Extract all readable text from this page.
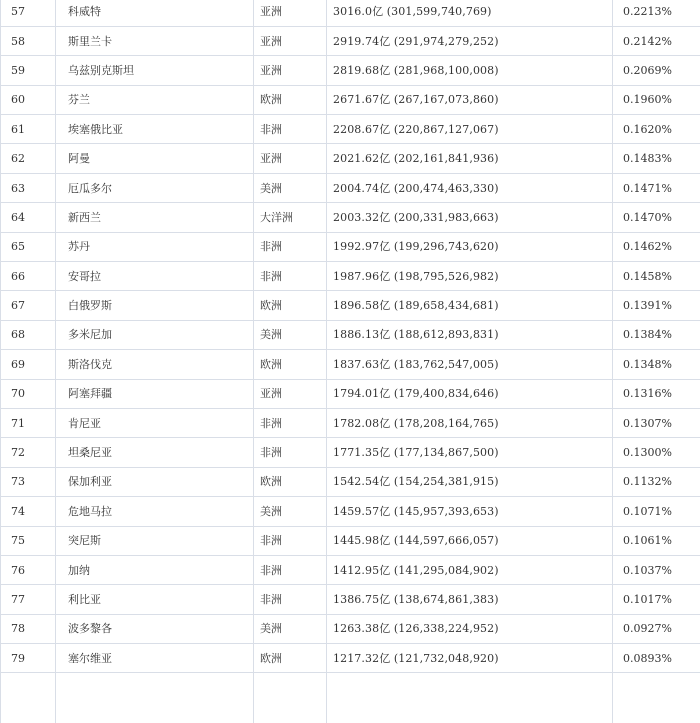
57	科威特	亚洲	3016.0亿 (301,599,740,769)	0.2213%
58	斯里兰卡	亚洲	2919.74亿 (291,974,279,252)	0.2142%
59	乌兹别克斯坦	亚洲	2819.68亿 (281,968,100,008)	0.2069%
60	芬兰	欧洲	2671.67亿 (267,167,073,860)	0.1960%
61	埃塞俄比亚	非洲	2208.67亿 (220,867,127,067)	0.1620%
62	阿曼	亚洲	2021.62亿 (202,161,841,936)	0.1483%
63	厄瓜多尔	美洲	2004.74亿 (200,474,463,330)	0.1471%
64	新西兰	大洋洲	2003.32亿 (200,331,983,663)	0.1470%
65	苏丹	非洲	1992.97亿 (199,296,743,620)	0.1462%
66	安哥拉	非洲	1987.96亿 (198,795,526,982)	0.1458%
67	白俄罗斯	欧洲	1896.58亿 (189,658,434,681)	0.1391%
68	多米尼加	美洲	1886.13亿 (188,612,893,831)	0.1384%
69	斯洛伐克	欧洲	1837.63亿 (183,762,547,005)	0.1348%
70	阿塞拜疆	亚洲	1794.01亿 (179,400,834,646)	0.1316%
71	肯尼亚	非洲	1782.08亿 (178,208,164,765)	0.1307%
72	坦桑尼亚	非洲	1771.35亿 (177,134,867,500)	0.1300%
73	保加利亚	欧洲	1542.54亿 (154,254,381,915)	0.1132%
74	危地马拉	美洲	1459.57亿 (145,957,393,653)	0.1071%
75	突尼斯	非洲	1445.98亿 (144,597,666,057)	0.1061%
76	加纳	非洲	1412.95亿 (141,295,084,902)	0.1037%
77	利比亚	非洲	1386.75亿 (138,674,861,383)	0.1017%
78	波多黎各	美洲	1263.38亿 (126,338,224,952)	0.0927%
79	塞尔维亚	欧洲	1217.32亿 (121,732,048,920)	0.0893%
